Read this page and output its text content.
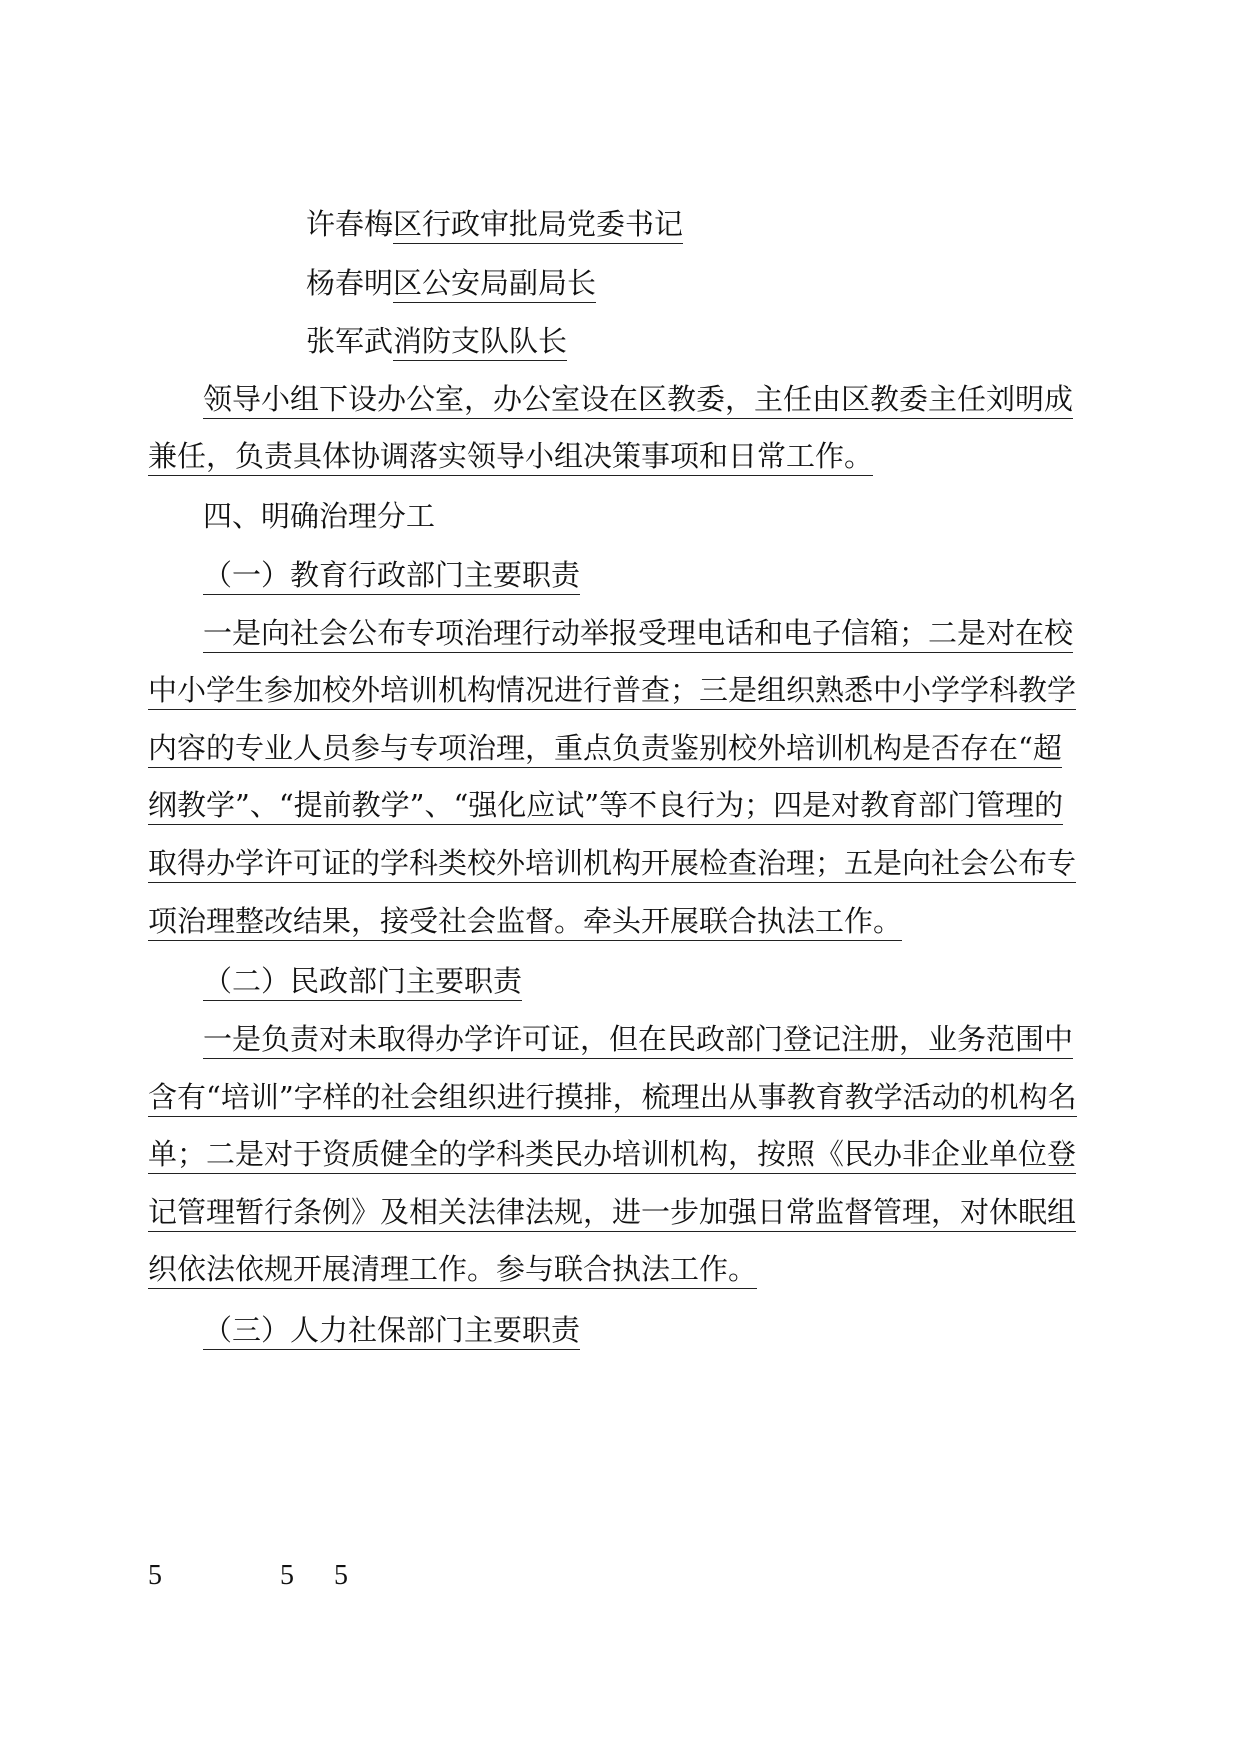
许春梅区行政审批局党委书记

杨春明区公安局副局长

张军武消防支队队长

领导小组下设办公室，办公室设在区教委，主任由区教委主任刘明成

兼任，负责具体协调落实领导小组决策事项和日常工作。

四、明确治理分工

（一）教育行政部门主要职责

一是向社会公布专项治理行动举报受理电话和电子信箱；二是对在校

中小学生参加校外培训机构情况进行普查；三是组织熟悉中小学学科教学

内容的专业人员参与专项治理，重点负责鉴别校外培训机构是否存在“超

纲教学”、“提前教学”、“强化应试”等不良行为；四是对教育部门管理的

取得办学许可证的学科类校外培训机构开展检查治理；五是向社会公布专

项治理整改结果，接受社会监督。牵头开展联合执法工作。

（二）民政部门主要职责

一是负责对未取得办学许可证，但在民政部门登记注册，业务范围中

含有“培训”字样的社会组织进行摸排，梳理出从事教育教学活动的机构名

单；二是对于资质健全的学科类民办培训机构，按照《民办非企业单位登

记管理暂行条例》及相关法律法规，进一步加强日常监督管理，对休眠组

织依法依规开展清理工作。参与联合执法工作。

（三）人力社保部门主要职责

5	5 5
